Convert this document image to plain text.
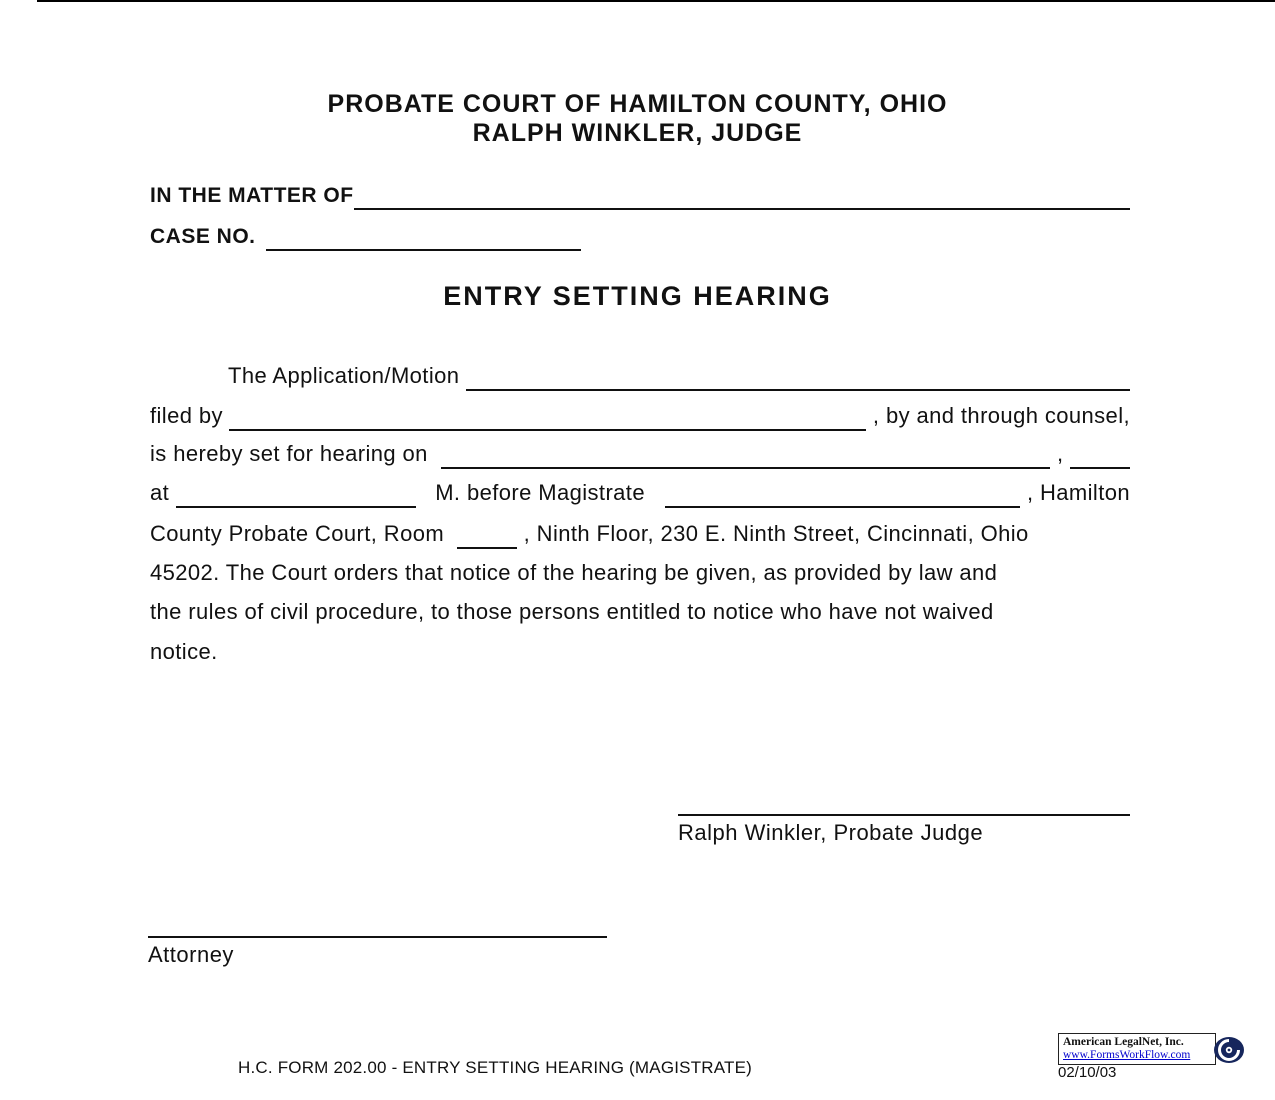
PROBATE COURT OF HAMILTON COUNTY, OHIO
RALPH WINKLER, JUDGE
IN THE MATTER OF
CASE NO.
ENTRY SETTING HEARING
The Application/Motion
filed by	, by and through counsel,
is hereby set for hearing on	,
at	M. before Magistrate	, Hamilton
County Probate Court, Room	, Ninth Floor, 230 E. Ninth Street, Cincinnati, Ohio
45202. The Court orders that notice of the hearing be given, as provided by law and
the rules of civil procedure, to those persons entitled to notice who have not waived
notice.
Ralph Winkler, Probate Judge
Attorney
H.C. FORM 202.00 - ENTRY SETTING HEARING (MAGISTRATE)
American LegalNet, Inc.
www.FormsWorkFlow.com
02/10/03
